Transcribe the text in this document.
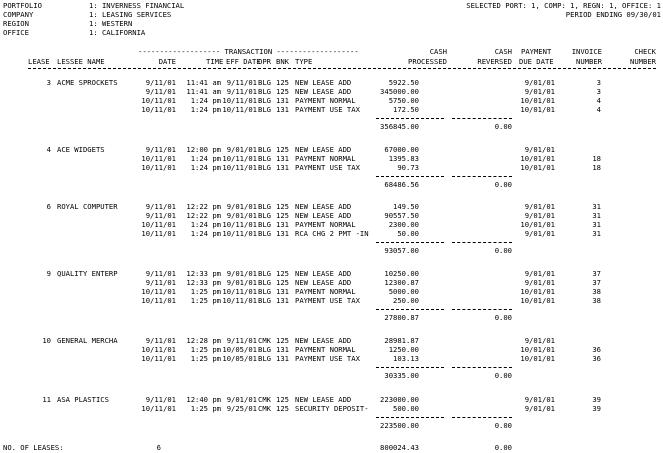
PORTFOLIO	1: INVERNESS FINANCIAL
COMPANY	1: LEASING SERVICES
REGION	1: WESTERN
OFFICE	1: CALIFORNIA
SELECTED PORT: 1, COMP: 1, REGN: 1, OFFICE: 1
PERIOD ENDING 09/30/01
------------------- TRANSACTION -------------------	CASH	CASH PAYMENT	INVOICE	CHECK
LEASE LESSEE NAME	DATE	TIME EFF DATE
OPR BNK TYPE	PROCESSED	REVERSED DUE DATE	NUMBER	NUMBER
3 ACME SPROCKETS	9/11/01 11:41 am 9/11/01 BLG 125 NEW LEASE ADD	5922.50	9/01/01	3
9/11/01 11:41 am 9/11/01 BLG 125 NEW LEASE ADD	345000.00	9/01/01	3
10/11/01 1:24 pm 10/11/01 BLG 131 PAYMENT NORMAL	5750.00	10/01/01	4
10/11/01 1:24 pm 10/11/01 BLG 131 PAYMENT USE TAX	172.50	10/01/01	4
356845.00	0.00
4 ACE WIDGETS	9/11/01 12:00 pm 9/01/01 BLG 125 NEW LEASE ADD	67000.00	9/01/01
10/11/01 1:24 pm 10/11/01 BLG 131 PAYMENT NORMAL	1395.83	10/01/01	18
10/11/01 1:24 pm 10/11/01 BLG 131 PAYMENT USE TAX	90.73	10/01/01	18
68486.56	0.00
6 ROYAL COMPUTER	9/11/01 12:22 pm 9/01/01 BLG 125 NEW LEASE ADD	149.50	9/01/01	31
9/11/01 12:22 pm 9/01/01 BLG 125 NEW LEASE ADD	90557.50	9/01/01	31
10/11/01 1:24 pm 10/11/01 BLG 131 PAYMENT NORMAL	2300.00	10/01/01	31
10/11/01 1:24 pm 10/11/01 BLG 131 RCA CHG 2 PMT -IN	50.00	9/01/01	31
93057.00	0.00
9 QUALITY ENTERP	9/11/01 12:33 pm 9/01/01 BLG 125 NEW LEASE ADD	10250.00	9/01/01	37
9/11/01 12:33 pm 9/01/01 BLG 125 NEW LEASE ADD	12300.87	9/01/01	37
10/11/01 1:25 pm 10/11/01 BLG 131 PAYMENT NORMAL	5000.00	10/01/01	38
10/11/01 1:25 pm 10/11/01 BLG 131 PAYMENT USE TAX	250.00	10/01/01	38
27800.87	0.00
10 GENERAL MERCHA	9/11/01 12:28 pm 9/11/01 CMK 125 NEW LEASE ADD	28981.87	9/01/01
10/11/01 1:25 pm 10/05/01 BLG 131 PAYMENT NORMAL	1250.00	10/01/01	36
10/11/01 1:25 pm 10/05/01 BLG 131 PAYMENT USE TAX	103.13	10/01/01	36
30335.00	0.00
11 ASA PLASTICS	9/11/01 12:40 pm 9/01/01 CMK 125 NEW LEASE ADD	223000.00	9/01/01	39
10/11/01 1:25 pm 9/25/01 CMK 125 SECURITY DEPOSIT-	500.00	9/01/01	39
223500.00	0.00
NO. OF LEASES:	6	800024.43	0.00
